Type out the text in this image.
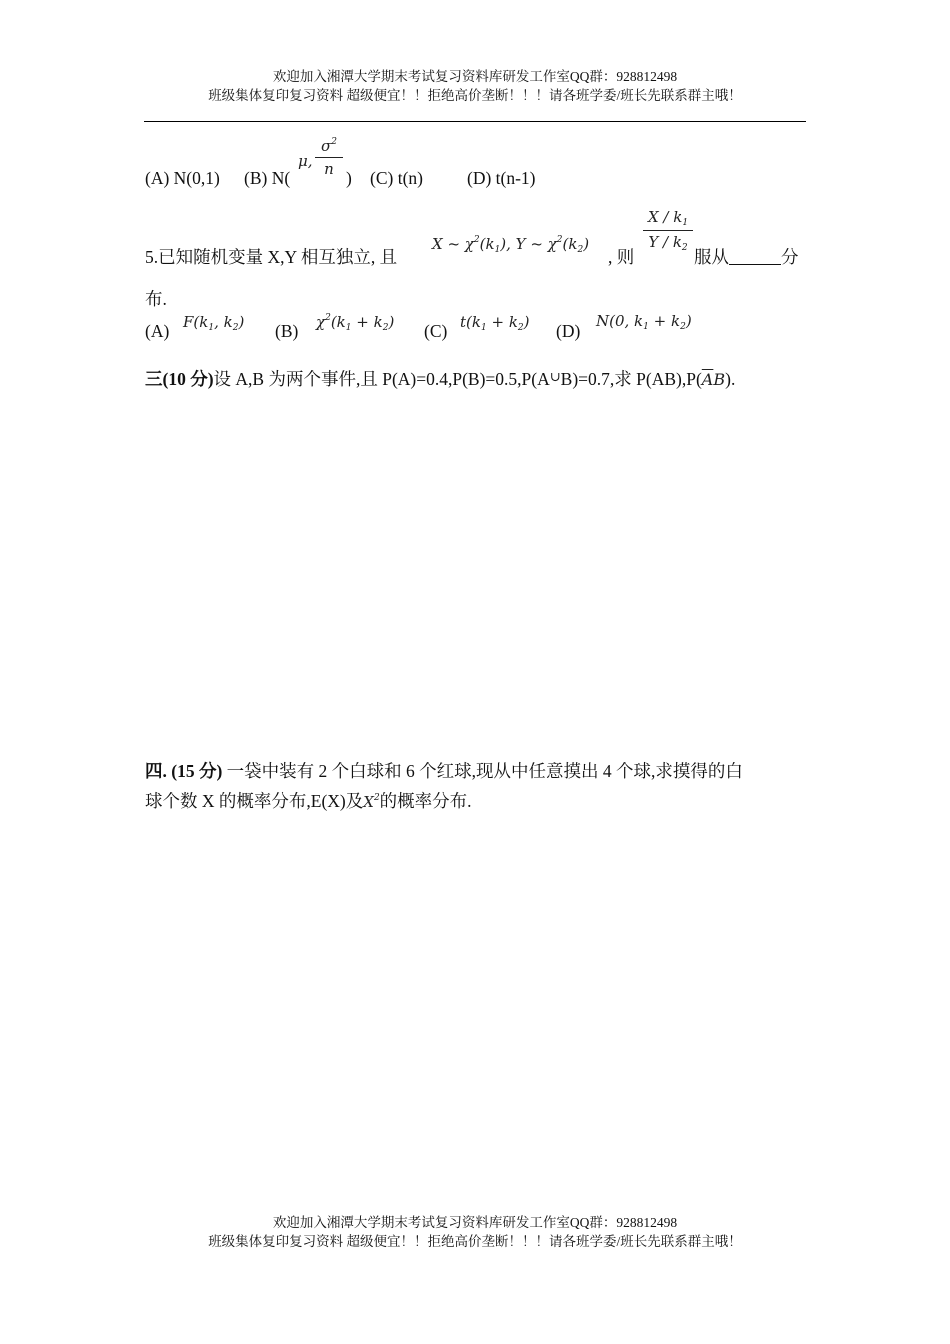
欢迎加入湘潭大学期末考试复习资料库研发工作室QQ群：928812498
班级集体复印复习资料 超级便宜！！拒绝高价垄断！！！请各班学委/班长先联系群主哦！
(A) N(0,1) (B) N(
μ, $\frac{\sigma^2}{n}$ ) (C) t(n)	(D) t(n-1)
5.已知随机变量 X,Y 相互独立, 且
X ~ $\chi^2(k_1)$, Y ~ $\chi^2(k_2)$
, 则
$\frac{X / k_1}{Y / k_2}$
服从	分
布.
(A) $F(k_1$, $k_2$) (B) $\chi^2(k_1 + k_2)$ (C) $t(k_1 + k_2)$ (D) N(0, $k_1 + k_2$)
三(10 分)设 A,B 为两个事件,且 P(A)=0.4,P(B)=0.5,P(A∪B)=0.7,求 $P(AB),P(\overline{A}B)$.
四. (15 分) 一袋中装有 2 个白球和 6 个红球,现从中任意摸出 4 个球,求摸得的白
球个数 X 的概率分布,E(X)及$X^2$的概率分布.
欢迎加入湘潭大学期末考试复习资料库研发工作室QQ群：928812498
班级集体复印复习资料 超级便宜！！拒绝高价垄断！！！请各班学委/班长先联系群主哦！
